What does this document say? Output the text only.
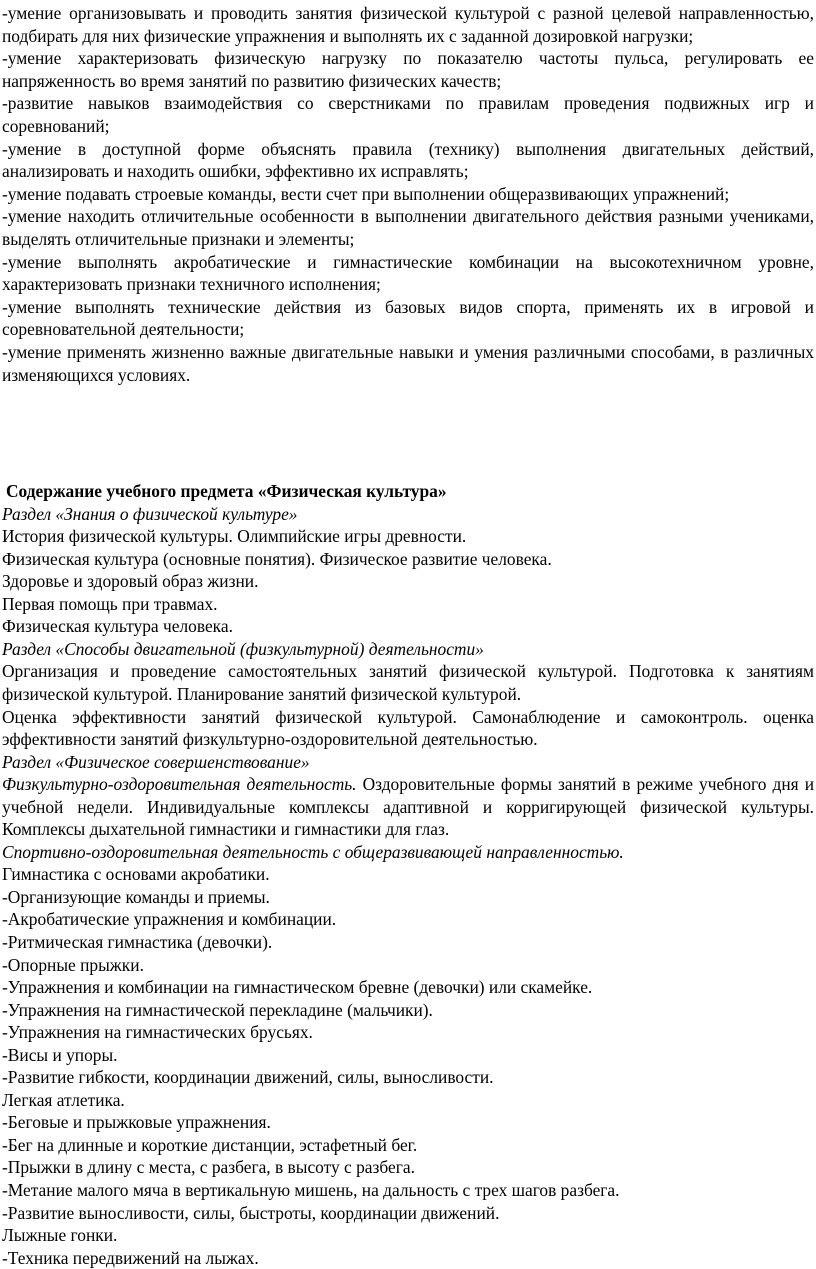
-умение организовывать и проводить занятия физической культурой с разной целевой направленностью, подбирать для них физические упражнения и выполнять их с заданной дозировкой нагрузки;

-умение характеризовать физическую нагрузку по показателю частоты пульса, регулировать ее напряженность во время занятий по развитию физических качеств;

-развитие навыков взаимодействия со сверстниками по правилам проведения подвижных игр и соревнований;

-умение в доступной форме объяснять правила (технику) выполнения двигательных действий, анализировать и находить ошибки, эффективно их исправлять;

-умение подавать строевые команды, вести счет при выполнении общеразвивающих упражнений;

-умение находить отличительные особенности в выполнении двигательного действия разными учениками, выделять отличительные признаки и элементы;

-умение выполнять акробатические и гимнастические комбинации на высокотехничном уровне, характеризовать признаки техничного исполнения;

-умение выполнять технические действия из базовых видов спорта, применять их в игровой и соревновательной деятельности;

-умение применять жизненно важные двигательные навыки и умения различными способами, в различных изменяющихся условиях.

Содержание учебного предмета «Физическая культура»

Раздел «Знания о физической культуре»

История физической культуры. Олимпийские игры древности.

Физическая культура (основные понятия). Физическое развитие человека.

Здоровье и здоровый образ жизни.

Первая помощь при травмах.

Физическая культура человека.

Раздел «Способы двигательной (физкультурной) деятельности»

Организация и проведение самостоятельных занятий физической культурой. Подготовка к занятиям физической культурой. Планирование занятий физической культурой.

Оценка эффективности занятий физической культурой. Самонаблюдение и самоконтроль. оценка эффективности занятий физкультурно-оздоровительной деятельностью.

Раздел «Физическое совершенствование»

Физкультурно-оздоровительная деятельность. Оздоровительные формы занятий в режиме учебного дня и учебной недели. Индивидуальные комплексы адаптивной и корригирующей физической культуры. Комплексы дыхательной гимнастики и гимнастики для глаз.

Спортивно-оздоровительная деятельность с общеразвивающей направленностью.

Гимнастика с основами акробатики.

-Организующие команды и приемы.

-Акробатические упражнения и комбинации.

-Ритмическая гимнастика (девочки).

-Опорные прыжки.

-Упражнения и комбинации на гимнастическом бревне (девочки) или скамейке.

-Упражнения на гимнастической перекладине (мальчики).

-Упражнения на гимнастических брусьях.

-Висы и упоры.

-Развитие гибкости, координации движений, силы, выносливости.

Легкая атлетика.

-Беговые и прыжковые упражнения.

-Бег на длинные и короткие дистанции, эстафетный бег.

-Прыжки в длину с места, с разбега, в высоту с разбега.

-Метание малого мяча в вертикальную мишень, на дальность с трех шагов разбега.

-Развитие выносливости, силы, быстроты, координации движений.

Лыжные гонки.

-Техника передвижений на лыжах.
